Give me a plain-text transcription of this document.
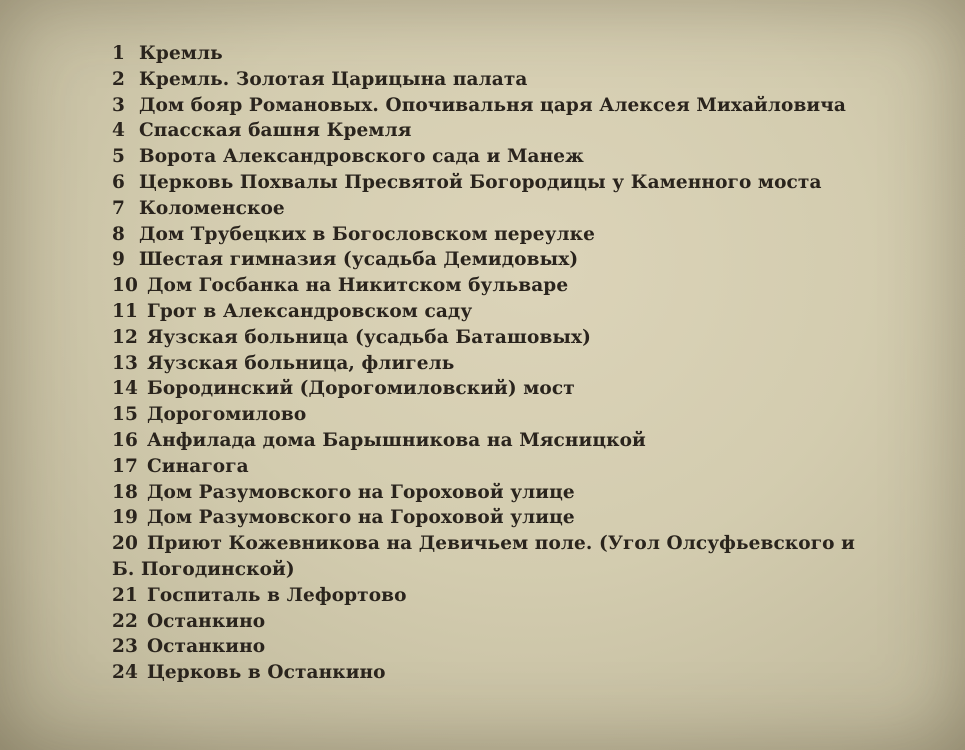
1 Кремль
2 Кремль. Золотая Царицына палата
3 Дом бояр Романовых. Опочивальня царя Алексея Михайловича
4 Спасская башня Кремля
5 Ворота Александровского сада и Манеж
6 Церковь Похвалы Пресвятой Богородицы у Каменного моста
7 Коломенское
8 Дом Трубецких в Богословском переулке
9 Шестая гимназия (усадьба Демидовых)
10 Дом Госбанка на Никитском бульваре
11 Грот в Александровском саду
12 Яузская больница (усадьба Баташовых)
13 Яузская больница, флигель
14 Бородинский (Дорогомиловский) мост
15 Дорогомилово
16 Анфилада дома Барышникова на Мясницкой
17 Синагога
18 Дом Разумовского на Гороховой улице
19 Дом Разумовского на Гороховой улице
20 Приют Кожевникова на Девичьем поле. (Угол Олсуфьевского и Б. Погодинской)
21 Госпиталь в Лефортово
22 Останкино
23 Останкино
24 Церковь в Останкино
